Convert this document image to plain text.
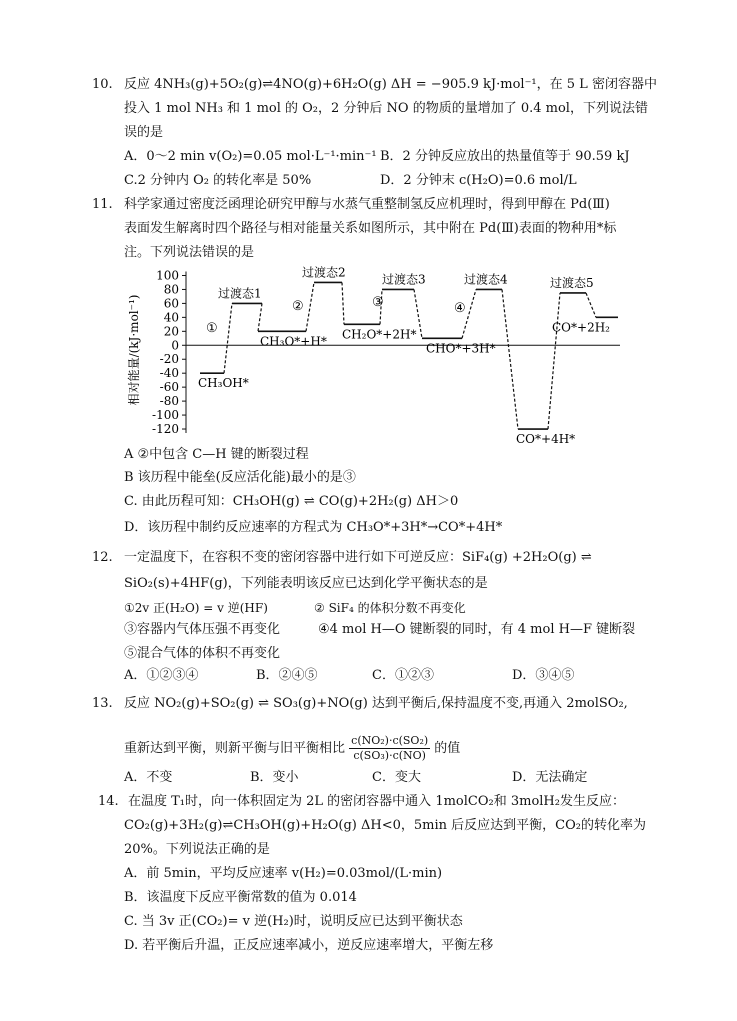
10. 反应 4NH₃(g)+5O₂(g)⇌4NO(g)+6H₂O(g) ΔH = −905.9 kJ·mol⁻¹，在 5 L 密闭容器中
投入 1 mol NH₃ 和 1 mol 的 O₂，2 分钟后 NO 的物质的量增加了 0.4 mol，下列说法错
误的是
A．0～2 min v(O₂)=0.05 mol·L⁻¹·min⁻¹ B．2 分钟反应放出的热量值等于 90.59 kJ
C.2 分钟内 O₂ 的转化率是 50%	D．2 分钟末 c(H₂O)=0.6 mol/L
11. 科学家通过密度泛函理论研究甲醇与水蒸气重整制氢反应机理时，得到甲醇在 Pd(Ⅲ)
表面发生解离时四个路径与相对能量关系如图所示，其中附在 Pd(Ⅲ)表面的物种用*标
注。下列说法错误的是
相对能量/(kJ·mol⁻¹)
100
80
60
40
20
0
-20
-40
-60
-80
-100
-120
CH₃OH*
过渡态1
CH₃O*+H*
过渡态2
CH₂O*+2H*
过渡态3
CHO*+3H*
过渡态4
CO*+4H*
过渡态5
CO*+2H₂
①
②	③	④
A ②中包含 C—H 键的断裂过程
B 该历程中能垒(反应活化能)最小的是③
C. 由此历程可知：CH₃OH(g) ⇌ CO(g)+2H₂(g) ΔH＞0
D．该历程中制约反应速率的方程式为 CH₃O*+3H*→CO*+4H*
12. 一定温度下，在容积不变的密闭容器中进行如下可逆反应：SiF₄(g) +2H₂O(g) ⇌
SiO₂(s)+4HF(g)，下列能表明该反应已达到化学平衡状态的是
①2v 正(H₂O) = v 逆(HF)	② SiF₄ 的体积分数不再变化
③容器内气体压强不再变化	④4 mol H—O 键断裂的同时，有 4 mol H—F 键断裂
⑤混合气体的体积不再变化
A．①②③④	B．②④⑤	C．①②③	D．③④⑤
13. 反应 NO₂(g)+SO₂(g) ⇌ SO₃(g)+NO(g) 达到平衡后,保持温度不变,再通入 2molSO₂,
重新达到平衡，则新平衡与旧平衡相比 $\frac{\text{c(NO₂)·c(SO₂)}}{\text{c(SO₃)·c(NO)}}$ 的值
A．不变	B．变小	C．变大	D．无法确定
14. 在温度 T₁时，向一体积固定为 2L 的密闭容器中通入 1molCO₂和 3molH₂发生反应：
CO₂(g)+3H₂(g)⇌CH₃OH(g)+H₂O(g) ΔH<0，5min 后反应达到平衡，CO₂的转化率为
20%。下列说法正确的是
A．前 5min，平均反应速率 v(H₂)=0.03mol/(L·min)
B．该温度下反应平衡常数的值为 0.014
C. 当 3v 正(CO₂)= v 逆(H₂)时，说明反应已达到平衡状态
D. 若平衡后升温，正反应速率减小，逆反应速率增大，平衡左移
